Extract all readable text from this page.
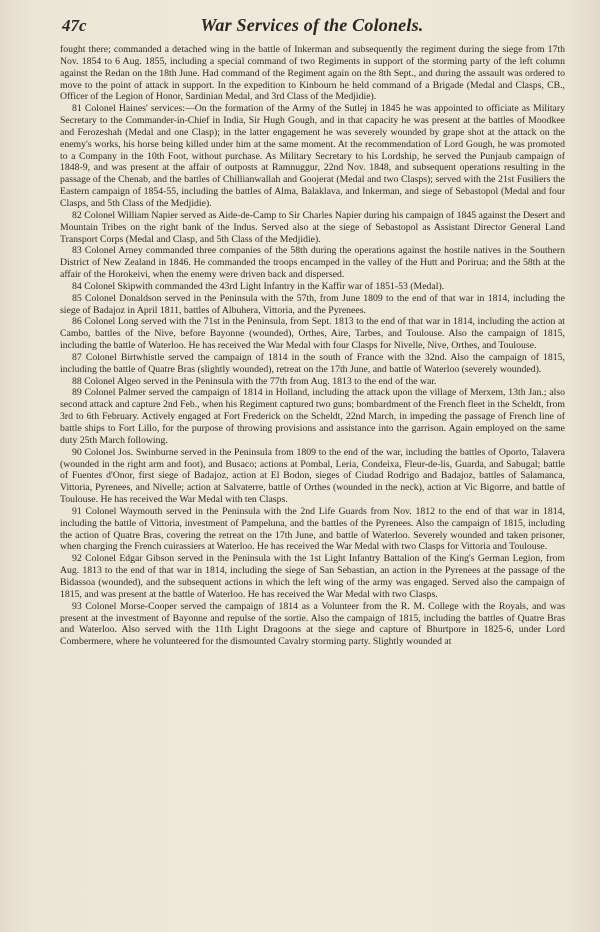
47c	War Services of the Colonels.

fought there; commanded a detached wing in the battle of Inkerman and subsequently the regiment during the siege from 17th Nov. 1854 to 6 Aug. 1855, including a special command of two Regiments in support of the storming party of the left column against the Redan on the 18th June. Had command of the Regiment again on the 8th Sept., and during the assault was ordered to move to the point of attack in support. In the expedition to Kinbourn he held command of a Brigade (Medal and Clasps, CB., Officer of the Legion of Honor, Sardinian Medal, and 3rd Class of the Medjidie).

81 Colonel Haines' services:—On the formation of the Army of the Sutlej in 1845 he was appointed to officiate as Military Secretary to the Commander-in-Chief in India, Sir Hugh Gough, and in that capacity he was present at the battles of Moodkee and Ferozeshah (Medal and one Clasp); in the latter engagement he was severely wounded by grape shot at the attack on the enemy's works, his horse being killed under him at the same moment. At the recommendation of Lord Gough, he was promoted to a Company in the 10th Foot, without purchase. As Military Secretary to his Lordship, he served the Punjaub campaign of 1848-9, and was present at the affair of outposts at Ramnuggur, 22nd Nov. 1848, and subsequent operations resulting in the passage of the Chenab, and the battles of Chillianwallah and Goojerat (Medal and two Clasps); served with the 21st Fusiliers the Eastern campaign of 1854-55, including the battles of Alma, Balaklava, and Inkerman, and siege of Sebastopol (Medal and four Clasps, and 5th Class of the Medjidie).

82 Colonel William Napier served as Aide-de-Camp to Sir Charles Napier during his campaign of 1845 against the Desert and Mountain Tribes on the right bank of the Indus. Served also at the siege of Sebastopol as Assistant Director General Land Transport Corps (Medal and Clasp, and 5th Class of the Medjidie).

83 Colonel Arney commanded three companies of the 58th during the operations against the hostile natives in the Southern District of New Zealand in 1846. He commanded the troops encamped in the valley of the Hutt and Porirua; and the 58th at the affair of the Horokeivi, when the enemy were driven back and dispersed.

84 Colonel Skipwith commanded the 43rd Light Infantry in the Kaffir war of 1851-53 (Medal).

85 Colonel Donaldson served in the Peninsula with the 57th, from June 1809 to the end of that war in 1814, including the siege of Badajoz in April 1811, battles of Albuhera, Vittoria, and the Pyrenees.

86 Colonel Long served with the 71st in the Peninsula, from Sept. 1813 to the end of that war in 1814, including the action at Cambo, battles of the Nive, before Bayonne (wounded), Orthes, Aire, Tarbes, and Toulouse. Also the campaign of 1815, including the battle of Waterloo. He has received the War Medal with four Clasps for Nivelle, Nive, Orthes, and Toulouse.

87 Colonel Birtwhistle served the campaign of 1814 in the south of France with the 32nd. Also the campaign of 1815, including the battle of Quatre Bras (slightly wounded), retreat on the 17th June, and battle of Waterloo (severely wounded).

88 Colonel Algeo served in the Peninsula with the 77th from Aug. 1813 to the end of the war.

89 Colonel Palmer served the campaign of 1814 in Holland, including the attack upon the village of Merxem, 13th Jan.; also second attack and capture 2nd Feb., when his Regiment captured two guns; bombardment of the French fleet in the Scheldt, from 3rd to 6th February. Actively engaged at Fort Frederick on the Scheldt, 22nd March, in impeding the passage of French line of battle ships to Fort Lillo, for the purpose of throwing provisions and assistance into the garrison. Again employed on the same duty 25th March following.

90 Colonel Jos. Swinburne served in the Peninsula from 1809 to the end of the war, including the battles of Oporto, Talavera (wounded in the right arm and foot), and Busaco; actions at Pombal, Leria, Condeixa, Fleur-de-lis, Guarda, and Sabugal; battle of Fuentes d'Onor, first siege of Badajoz, action at El Bodon, sieges of Ciudad Rodrigo and Badajoz, battles of Salamanca, Vittoria, Pyrenees, and Nivelle; action at Salvaterre, battle of Orthes (wounded in the neck), action at Vic Bigorre, and battle of Toulouse. He has received the War Medal with ten Clasps.

91 Colonel Waymouth served in the Peninsula with the 2nd Life Guards from Nov. 1812 to the end of that war in 1814, including the battle of Vittoria, investment of Pampeluna, and the battles of the Pyrenees. Also the campaign of 1815, including the action of Quatre Bras, covering the retreat on the 17th June, and battle of Waterloo. Severely wounded and taken prisoner, when charging the French cuirassiers at Waterloo. He has received the War Medal with two Clasps for Vittoria and Toulouse.

92 Colonel Edgar Gibson served in the Peninsula with the 1st Light Infantry Battalion of the King's German Legion, from Aug. 1813 to the end of that war in 1814, including the siege of San Sebastian, an action in the Pyrenees at the passage of the Bidassoa (wounded), and the subsequent actions in which the left wing of the army was engaged. Served also the campaign of 1815, and was present at the battle of Waterloo. He has received the War Medal with two Clasps.

93 Colonel Morse-Cooper served the campaign of 1814 as a Volunteer from the R. M. College with the Royals, and was present at the investment of Bayonne and repulse of the sortie. Also the campaign of 1815, including the battles of Quatre Bras and Waterloo. Also served with the 11th Light Dragoons at the siege and capture of Bhurtpore in 1825-6, under Lord Combermere, where he volunteered for the dismounted Cavalry storming party. Slightly wounded at
